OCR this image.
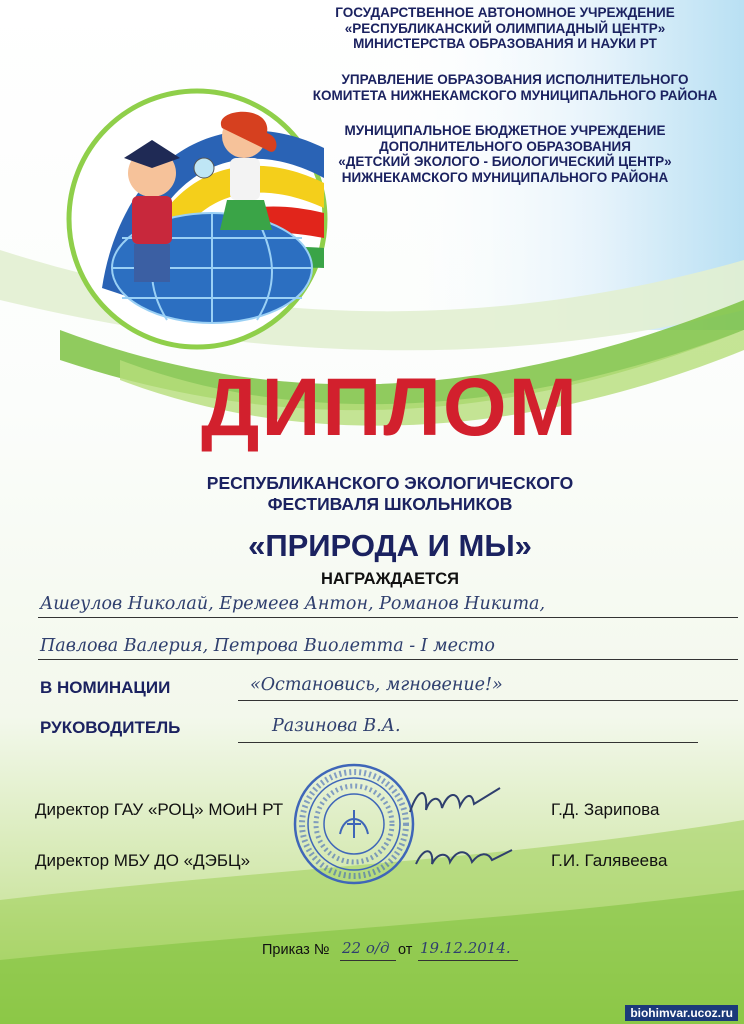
ГОСУДАРСТВЕННОЕ АВТОНОМНОЕ УЧРЕЖДЕНИЕ
«РЕСПУБЛИКАНСКИЙ ОЛИМПИАДНЫЙ ЦЕНТР»
МИНИСТЕРСТВА ОБРАЗОВАНИЯ И НАУКИ РТ
УПРАВЛЕНИЕ ОБРАЗОВАНИЯ ИСПОЛНИТЕЛЬНОГО
КОМИТЕТА НИЖНЕКАМСКОГО МУНИЦИПАЛЬНОГО РАЙОНА
МУНИЦИПАЛЬНОЕ БЮДЖЕТНОЕ УЧРЕЖДЕНИЕ
ДОПОЛНИТЕЛЬНОГО ОБРАЗОВАНИЯ
«ДЕТСКИЙ ЭКОЛОГО - БИОЛОГИЧЕСКИЙ ЦЕНТР»
НИЖНЕКАМСКОГО МУНИЦИПАЛЬНОГО РАЙОНА
ДИПЛОМ
РЕСПУБЛИКАНСКОГО ЭКОЛОГИЧЕСКОГО
ФЕСТИВАЛЯ ШКОЛЬНИКОВ
«ПРИРОДА И МЫ»
НАГРАЖДАЕТСЯ
Ашеулов Николай, Еремеев Антон, Романов Никита,
Павлова Валерия, Петрова Виолетта - I место
В НОМИНАЦИИ	«Остановись, мгновение!»
РУКОВОДИТЕЛЬ	Разинова В.А.
Директор ГАУ «РОЦ» МОиН РТ	Г.Д. Зарипова
Директор МБУ ДО «ДЭБЦ»	Г.И. Галявеева
Приказ № 22 о/д от 19.12.2014.
biohimvar.ucoz.ru
